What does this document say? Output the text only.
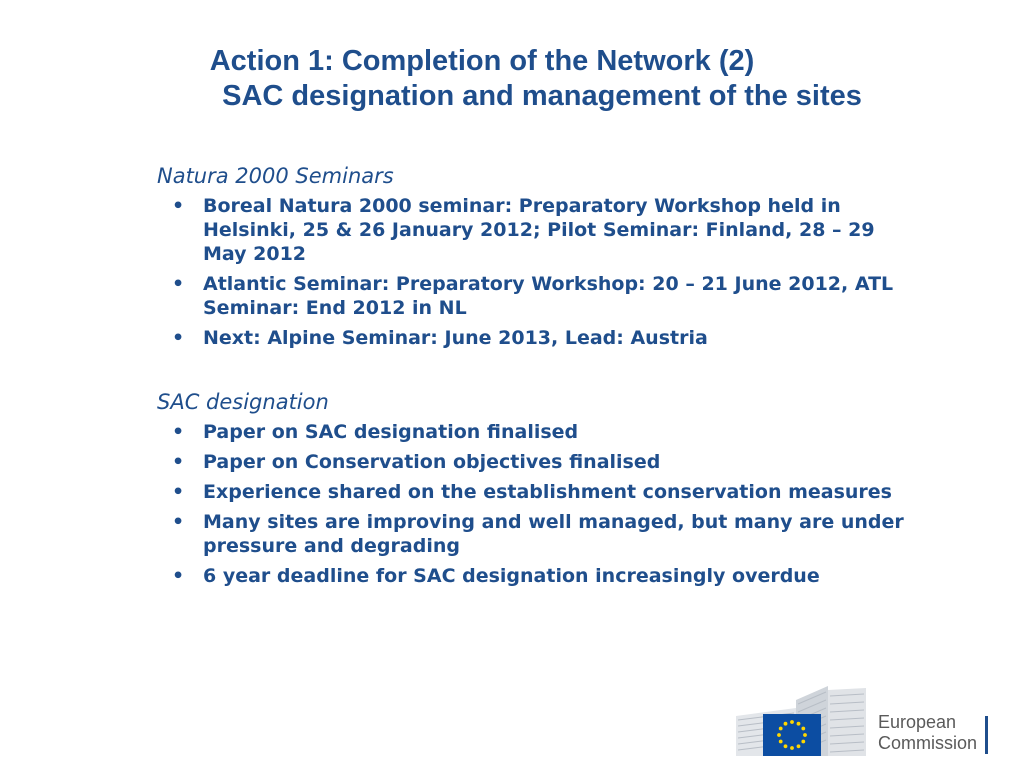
Action 1: Completion of the Network (2)
SAC designation and management of the sites
Natura 2000 Seminars
• Boreal Natura 2000 seminar: Preparatory Workshop held in Helsinki, 25 & 26 January 2012; Pilot Seminar: Finland, 28 – 29 May 2012
• Atlantic Seminar: Preparatory Workshop: 20 – 21 June 2012, ATL Seminar: End 2012 in NL
• Next: Alpine Seminar: June 2013, Lead: Austria
SAC designation
• Paper on SAC designation finalised
• Paper on Conservation objectives finalised
• Experience shared on the establishment conservation measures
• Many sites are improving and well managed, but many are under pressure and degrading
• 6 year deadline for SAC designation increasingly overdue
European
Commission
